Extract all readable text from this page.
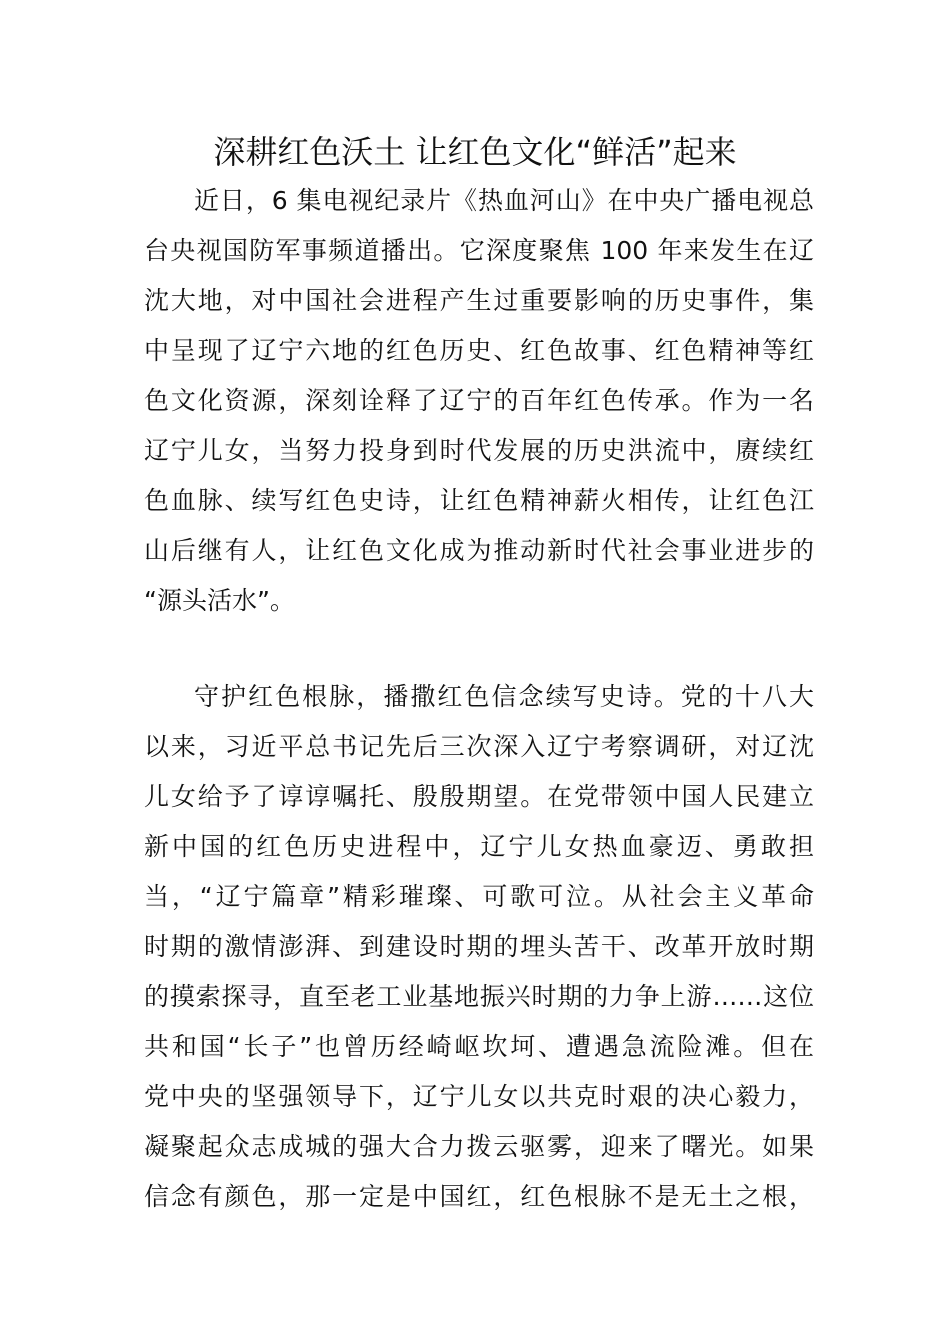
深耕红色沃土 让红色文化“鲜活”起来
近日，6 集电视纪录片《热血河山》在中央广播电视总
台央视国防军事频道播出。它深度聚焦 100 年来发生在辽
沈大地，对中国社会进程产生过重要影响的历史事件，集
中呈现了辽宁六地的红色历史、红色故事、红色精神等红
色文化资源，深刻诠释了辽宁的百年红色传承。作为一名
辽宁儿女，当努力投身到时代发展的历史洪流中，赓续红
色血脉、续写红色史诗，让红色精神薪火相传，让红色江
山后继有人，让红色文化成为推动新时代社会事业进步的
“源头活水”。
守护红色根脉，播撒红色信念续写史诗。党的十八大
以来，习近平总书记先后三次深入辽宁考察调研，对辽沈
儿女给予了谆谆嘱托、殷殷期望。在党带领中国人民建立
新中国的红色历史进程中，辽宁儿女热血豪迈、勇敢担
当，“辽宁篇章”精彩璀璨、可歌可泣。从社会主义革命
时期的激情澎湃、到建设时期的埋头苦干、改革开放时期
的摸索探寻，直至老工业基地振兴时期的力争上游……这位
共和国“长子”也曾历经崎岖坎坷、遭遇急流险滩。但在
党中央的坚强领导下，辽宁儿女以共克时艰的决心毅力，
凝聚起众志成城的强大合力拨云驱雾，迎来了曙光。如果
信念有颜色，那一定是中国红，红色根脉不是无土之根，
